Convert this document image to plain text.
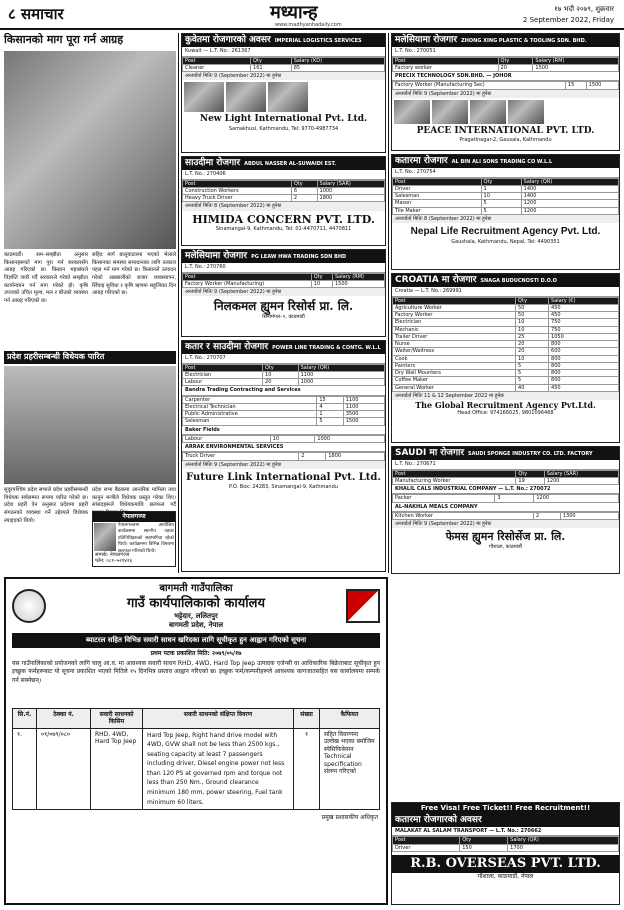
८ समाचार	मध्यान्ह
www.madhyanhadaily.com
१७ भदौ २०७९, शुक्रवार
2 September 2022, Friday
किसानको माग पूरा गर्न आग्रह
काठमाडौं। सम–सम्झौता अनुसार किसानहरूको माग पूरा गर्न सरकारसँग आग्रह गरिएको छ। किसान महासंघले विज्ञप्ति जारी गर्दै सरकारले गरेको सम्झौता कार्यान्वयन गर्न माग गरेको हो। कृषि उपजको उचित मूल्य, मल र बीउको व्यवस्था गर्न आग्रह गरिएको छ।
सहिद मार्ग बालुवाटारमा भएको भेलाले किसानका समस्या समाधानका लागि तत्काल पहल गर्न माग गरेको छ। किसानले उत्पादन गरेको अन्नबालीको बजार व्यवस्थापन, सिँचाइ सुविधा र कृषि ऋणमा सहुलियत दिन आग्रह गरिएको छ।
प्रदेश प्रहरीसम्बन्धी विधेयक पारित
सुदूरपश्चिम प्रदेश सभाले प्रदेश प्रहरीसम्बन्धी विधेयक सर्वसम्मत रूपमा पारित गरेको छ। प्रदेश प्रहरी ऐन अनुसार प्रदेशमा प्रहरी संगठनको व्यवस्था गर्ने उद्देश्यले विधेयक ल्याइएको थियो।
प्रदेश सभा बैठकमा आन्तरिक मामिला तथा कानुन मन्त्रीले विधेयक प्रस्तुत गरेका थिए। सांसदहरूले विधेयकमाथि छलफल गर्दै सुझाव दिएका थिए।
नेपालगञ्ज
नेपालगञ्जमा आयोजित कार्यक्रममा स्थानीय तहका प्रतिनिधिहरूको सहभागिता रहेको थियो। कार्यक्रममा विभिन्न विषयमा छलफल गरिएको थियो।
सम्पर्क: नेपालगञ्ज
फोन: ०८१–५२१४२६
कुवेतमा रोजगारको अवसर IMPERIAL LOGISTICS SERVICES
Kuwait — L.T. No.: 261367
Post	Qty	Salary (KD)
Cleaner	161	85
अन्तर्वार्ता मितिः 9 (September 2022) मा हुनेछ
New Light International Pvt. Ltd.
Samakhusi, Kathmandu, Tel: 9770-4987734
साउदीमा रोजगार ABDUL NASSER AL-SUWAIDI EST.
L.T. No.: 270406
Post	Qty	Salary (SAR)
Construction Workers	6	1000
Heavy Truck Driver	2	1800
अन्तर्वार्ता मितिः 8 (September 2022) मा हुनेछ
HIMIDA CONCERN PVT. LTD.
Sinamangal-9, Kathmandu, Tel: 01-4470711, 4470811
मलेसियामा रोजगार PG LEAW HWA TRADING SDN BHD
L.T. No.: 270760
Post	Qty	Salary (RM)
Factory Worker (Manufacturing)	10	1500
अन्तर्वार्ता मितिः 9 (September 2022) मा हुनेछ
निलकमल ह्युमन रिसोर्स प्रा. लि.
सिनामंगल–९, काठमाडौं
कतार र साउदीमा रोजगार POWER LINE TRADING & CONTG. W.L.L
L.T. No.: 270707
Post	Qty	Salary (QR)
Electrician	10	1100
Labour	20	1000
Bandra Trading Contracting and Services
Carpenter	15	1100
Electrical Technician	4	1100
Public Administrative	1	3500
Salesman	5	1500
Baker Fields
Labour	10	1000
ARRAK ENVIRONMENTAL SERVICES
Truck Driver	2	1800
अन्तर्वार्ता मितिः 9 (September 2022) मा हुनेछ
Future Link International Pvt. Ltd.
P.O. Box: 24283, Sinamangal-9, Kathmandu
मलेसियामा रोजगार ZHONG XING PLASTIC & TOOLING SDN. BHD.
L.T. No.: 270051
Post	Qty	Salary (RM)
Factory worker	20	1500
PRECIX TECHNOLOGY SDN.BHD. — JOHOR
Factory Worker (Manufacturing Sec)	15	1500
अन्तर्वार्ता मितिः 9 (September 2022) मा हुनेछ
PEACE INTERNATIONAL PVT. LTD.
Pragatinagar-2, Gausala, Kathmandu
कतारमा रोजगार AL BIN ALI SONS TRADING CO W.L.L
L.T. No.: 270754
Post	Qty	Salary (QR)
Driver	1	1400
Salesman	10	1400
Mason	5	1200
Tile Maker	5	1200
अन्तर्वार्ता मितिः 8 (September 2022) मा हुनेछ
Nepal Life Recruitment Agency Pvt. Ltd.
Gaushala, Kathmandu, Nepal, Tel: 4490351
CROATIA मा रोजगार SNAGA BUDUCNOSTI D.O.O
Croatia — L.T. No.: 269991
Post	Qty	Salary (€)
Agriculture Worker	50	450
Factory Worker	50	450
Electrician	10	750
Mechanic	10	750
Trailer Driver	25	1050
Nurse	20	800
Waiter/Waitress	20	600
Cook	10	800
Painters	5	800
Dry Wall Mounters	5	800
Coffee Maker	5	800
General Worker	40	450
अन्तर्वार्ता मितिः 11 & 12 September 2022 मा हुनेछ
The Global Recruitment Agency Pvt.Ltd.
Head Office: 974166025, 9801096468
SAUDI मा रोजगार SAUDI SPONGE INDUSTRY CO. LTD. FACTORY
L.T. No.: 270671
Post	Qty	Salary (SAR)
Manufacturing Worker	19	1200
KHALIL CALS INDUSTRIAL COMPANY — L.T. No.: 270072
Packer	3	1200
AL-NAKHLA MEALS COMPANY
Kitchen Worker	2	1300
अन्तर्वार्ता मितिः 9 (September 2022) मा हुनेछ
फेमस ह्युमन रिसोर्सेज प्रा. लि.
गौशाला, काठमाडौं
बागमती गाउँपालिका
गाउँ कार्यपालिकाको कार्यालय
भट्टेदार, ललितपुर
बागमती प्रदेश, नेपाल
ब्याटरल सहित विभिन्न सवारी साधन खरिदका लागि सूचीकृत हुन आह्वान गरिएको सूचना
प्रथम पटक प्रकाशित मिति: २०७९/०५/१७
यस गाउँपालिकाको प्रयोजनको लागि चालु आ.व. मा आवश्यक सवारी साधन RHD, 4WD, Hard Top Jeep उत्पादक एजेन्सी वा आधिकारिक बिक्रेताबाट सूचीकृत हुन इच्छुक फर्महरूबाट यो सूचना प्रकाशित भएको मितिले १५ दिनभित्र प्रस्ताव आह्वान गरिएको छ। इच्छुक फर्म/कम्पनीहरूले आवश्यक कागजातसहित यस कार्यालयमा सम्पर्क गर्न सक्नेछन्।
सि.नं.	ठेक्का नं.	सवारी साधनको किसिम	सवारी साधनको संक्षिप्त विवरण	संख्या	कैफियत
१.	०१/०७९/०८०	RHD, 4WD, Hard Top Jeep	Hard Top Jeep, Right hand drive model with 4WD, GVW shall not be less than 2500 kgs., seating capacity at least 7 passengers including driver, Diesel engine power not less than 120 PS at governed rpm and torque not less than 250 Nm., Ground clearance minimum 180 mm, power steering, Fuel tank minimum 60 liters.	१	सहित विवरणमा उल्लेख भएका बमोजिम स्पेसिफिकेसन Technical specification संलग्न गरिएको
प्रमुख प्रशासकीय अधिकृत
Free Visa! Free Ticket!! Free Recruitment!!
कतारमा रोजगारको अवसर
MALAKAT AL SALAM TRANSPORT — L.T. No.: 270662
Post	Qty	Salary (QR)
Driver	150	1700
R.B. OVERSEAS PVT. LTD.
गौशाला, काठमाडौं, नेपाल
